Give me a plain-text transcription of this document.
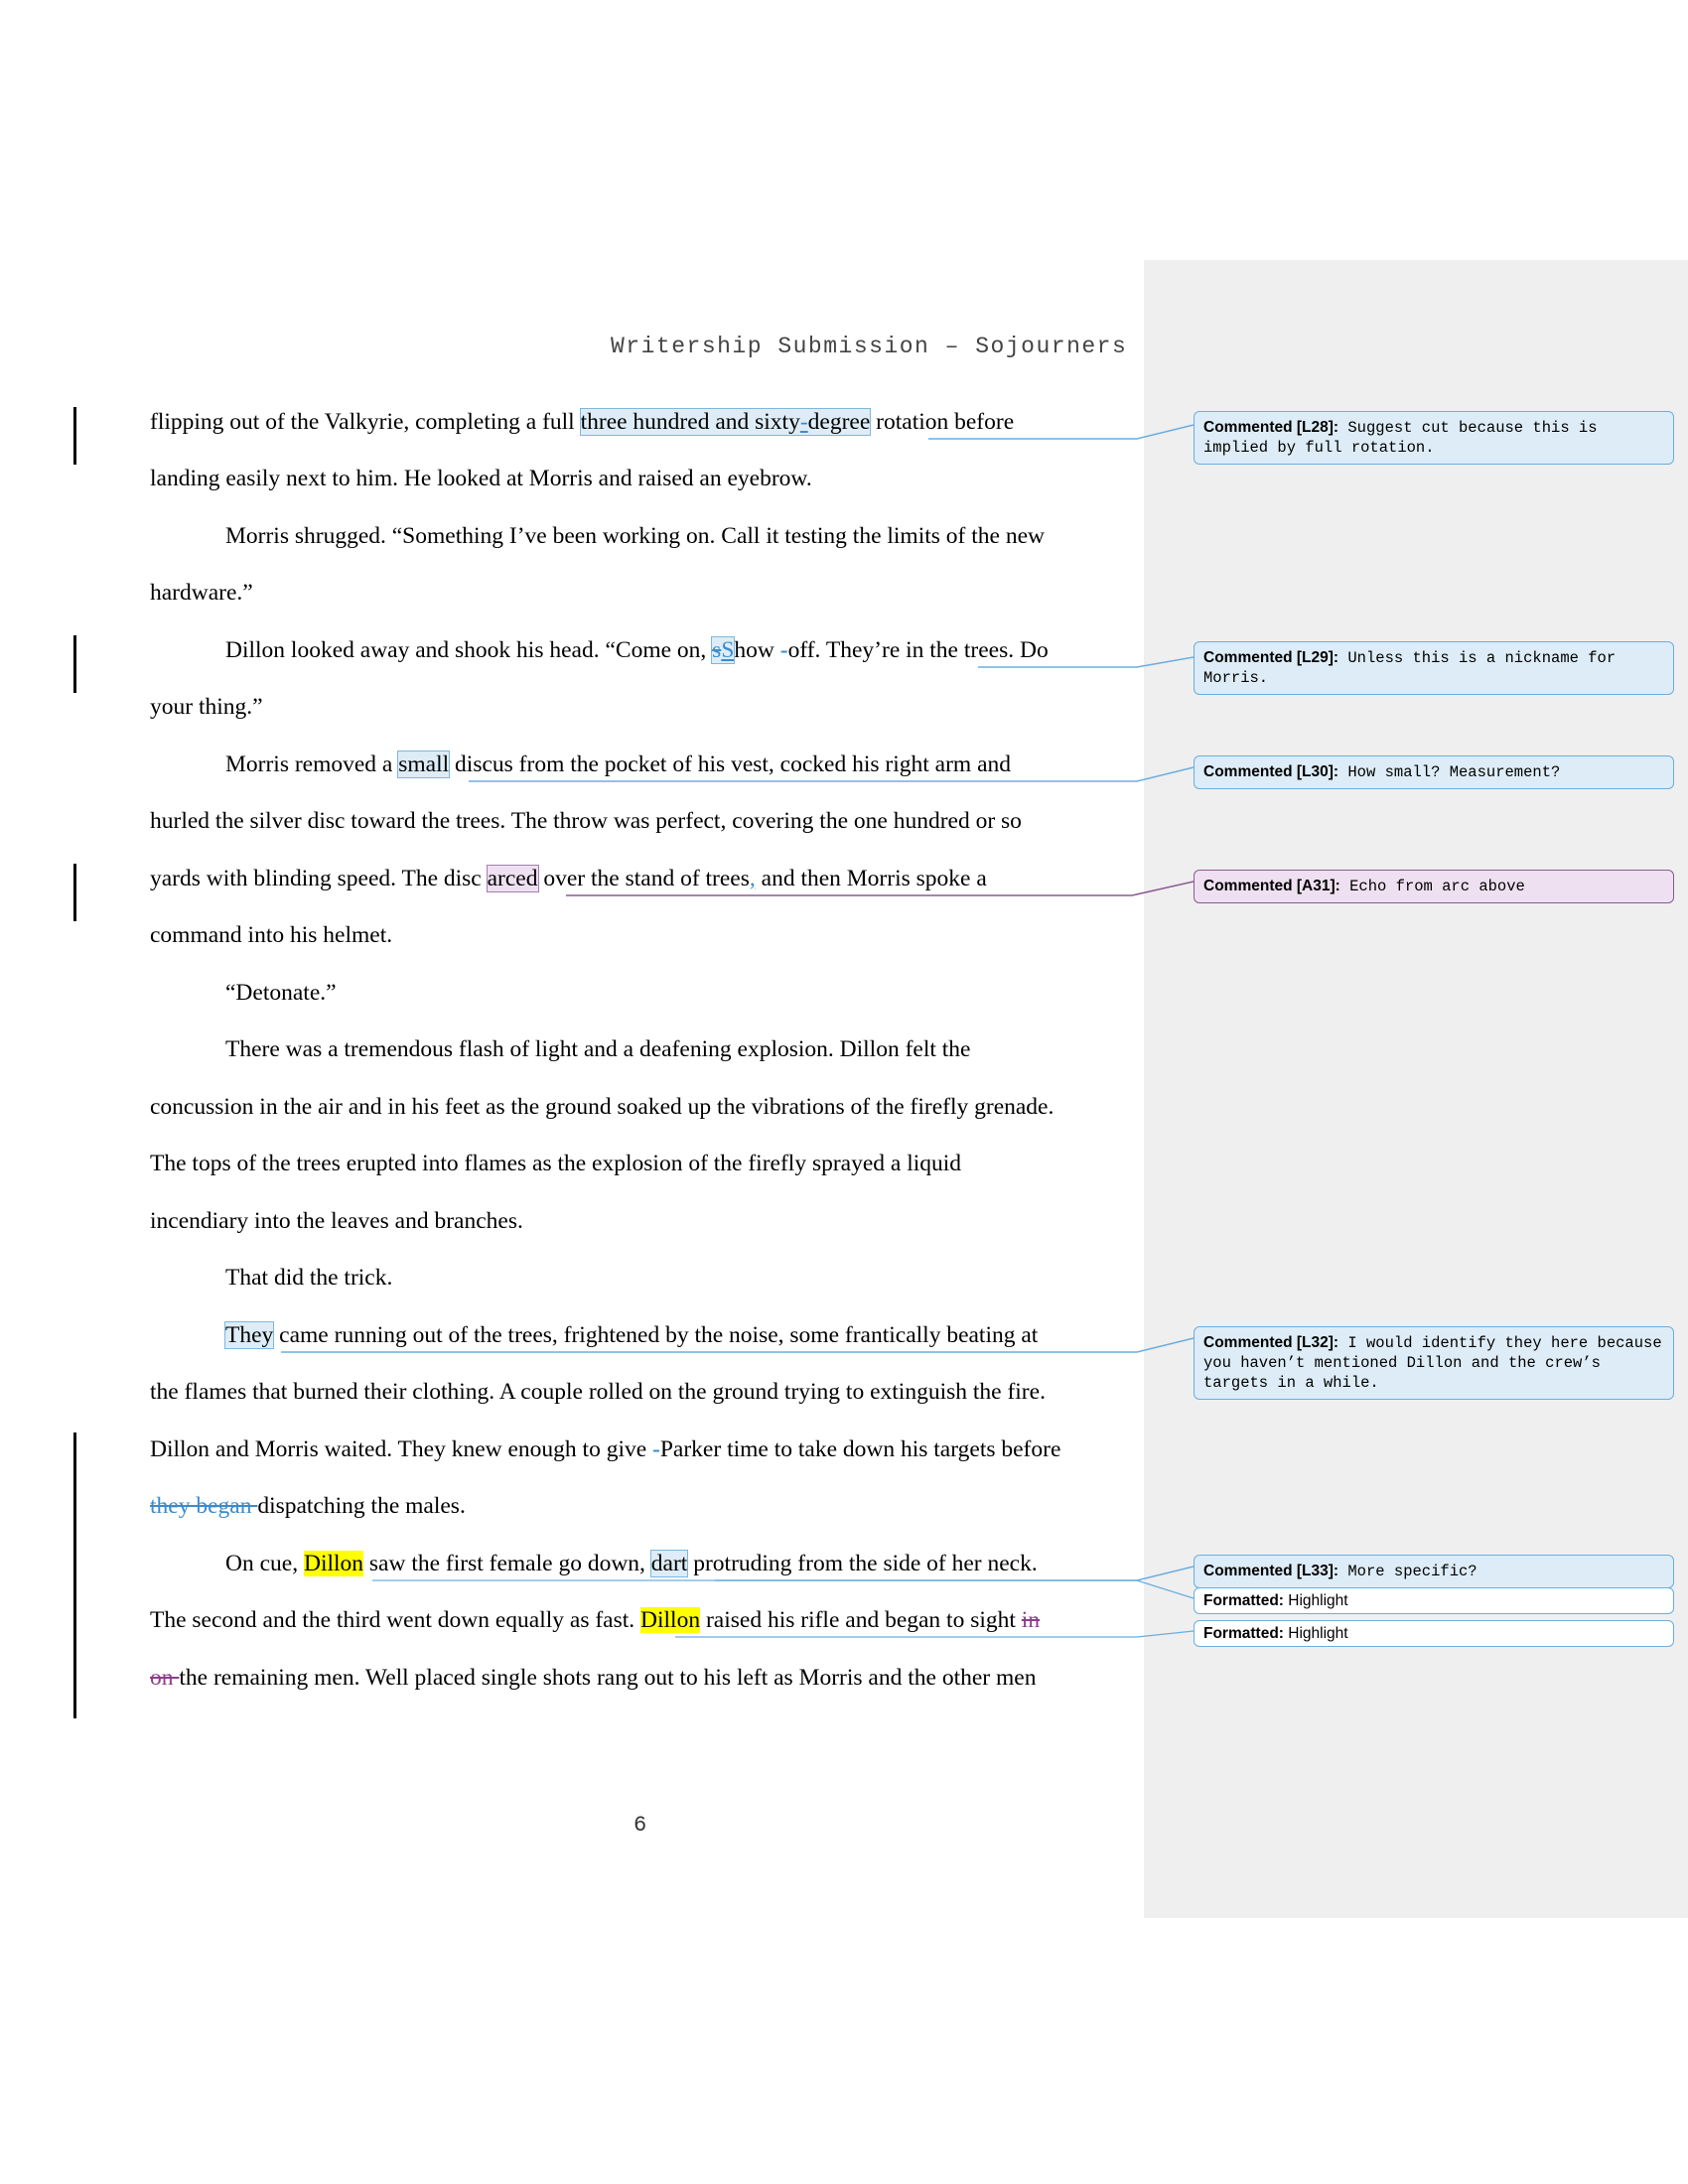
Writership Submission – Sojourners
flipping out of the Valkyrie, completing a full three hundred and sixty-degree rotation before
landing easily next to him. He looked at Morris and raised an eyebrow.
Morris shrugged. “Something I’ve been working on. Call it testing the limits of the new
hardware.”
Dillon looked away and shook his head. “Come on, sShow -off. They’re in the trees. Do
your thing.”
Morris removed a small discus from the pocket of his vest, cocked his right arm and
hurled the silver disc toward the trees. The throw was perfect, covering the one hundred or so
yards with blinding speed. The disc arced over the stand of trees, and then Morris spoke a
command into his helmet.
“Detonate.”
There was a tremendous flash of light and a deafening explosion. Dillon felt the
concussion in the air and in his feet as the ground soaked up the vibrations of the firefly grenade.
The tops of the trees erupted into flames as the explosion of the firefly sprayed a liquid
incendiary into the leaves and branches.
That did the trick.
They came running out of the trees, frightened by the noise, some frantically beating at
the flames that burned their clothing. A couple rolled on the ground trying to extinguish the fire.
Dillon and Morris waited. They knew enough to give -Parker time to take down his targets before
they began dispatching the males.
On cue, Dillon saw the first female go down, dart protruding from the side of her neck.
The second and the third went down equally as fast. Dillon raised his rifle and began to sight in
on the remaining men. Well placed single shots rang out to his left as Morris and the other men
6
Commented [L28]: Suggest cut because this is implied by full rotation.
Commented [L29]: Unless this is a nickname for Morris.
Commented [L30]: How small? Measurement?
Commented [A31]: Echo from arc above
Commented [L32]: I would identify they here because you haven’t mentioned Dillon and the crew’s targets in a while.
Commented [L33]: More specific?
Formatted: Highlight
Formatted: Highlight
